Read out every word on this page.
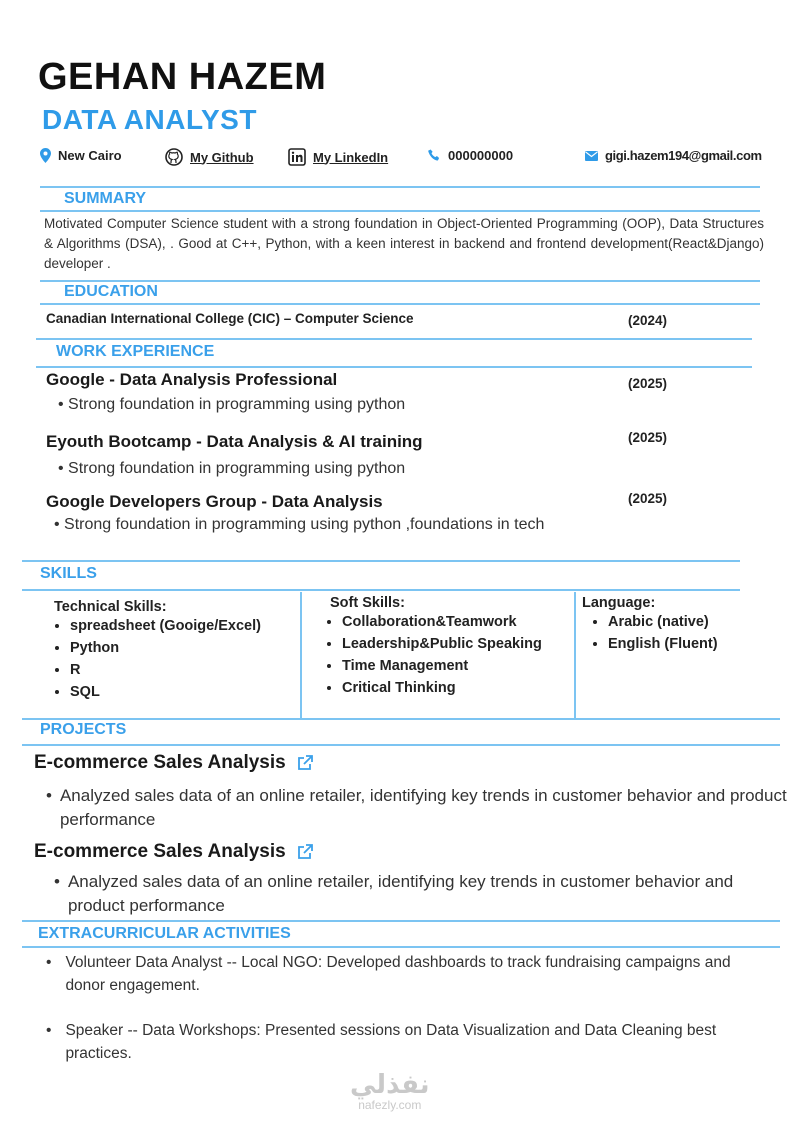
GEHAN HAZEM
DATA ANALYST
New Cairo	My Github	My LinkedIn	000000000	gigi.hazem194@gmail.com
SUMMARY
Motivated Computer Science student with a strong foundation in Object-Oriented Programming (OOP), Data Structures & Algorithms (DSA), . Good at C++, Python, with a keen interest in backend and frontend development(React&Django) developer .
EDUCATION
Canadian International College (CIC) – Computer Science	(2024)
WORK EXPERIENCE
Google - Data Analysis Professional	(2025)
• Strong foundation in programming using python
Eyouth Bootcamp - Data Analysis & AI training	(2025)
• Strong foundation in programming using python
Google Developers Group - Data Analysis	(2025)
• Strong foundation in programming using python ,foundations in tech
SKILLS
Technical Skills:
• spreadsheet (Gooige/Excel)
• Python
• R
• SQL
Soft Skills:
• Collaboration&Teamwork
• Leadership&Public Speaking
• Time Management
• Critical Thinking
Language:
• Arabic (native)
• English (Fluent)
PROJECTS
E-commerce Sales Analysis
• Analyzed sales data of an online retailer, identifying key trends in customer behavior and product performance
E-commerce Sales Analysis
• Analyzed sales data of an online retailer, identifying key trends in customer behavior and product performance
EXTRACURRICULAR ACTIVITIES
• Volunteer Data Analyst -- Local NGO: Developed dashboards to track fundraising campaigns and donor engagement.
• Speaker -- Data Workshops: Presented sessions on Data Visualization and Data Cleaning best practices.
نفذلي
nafezly.com
